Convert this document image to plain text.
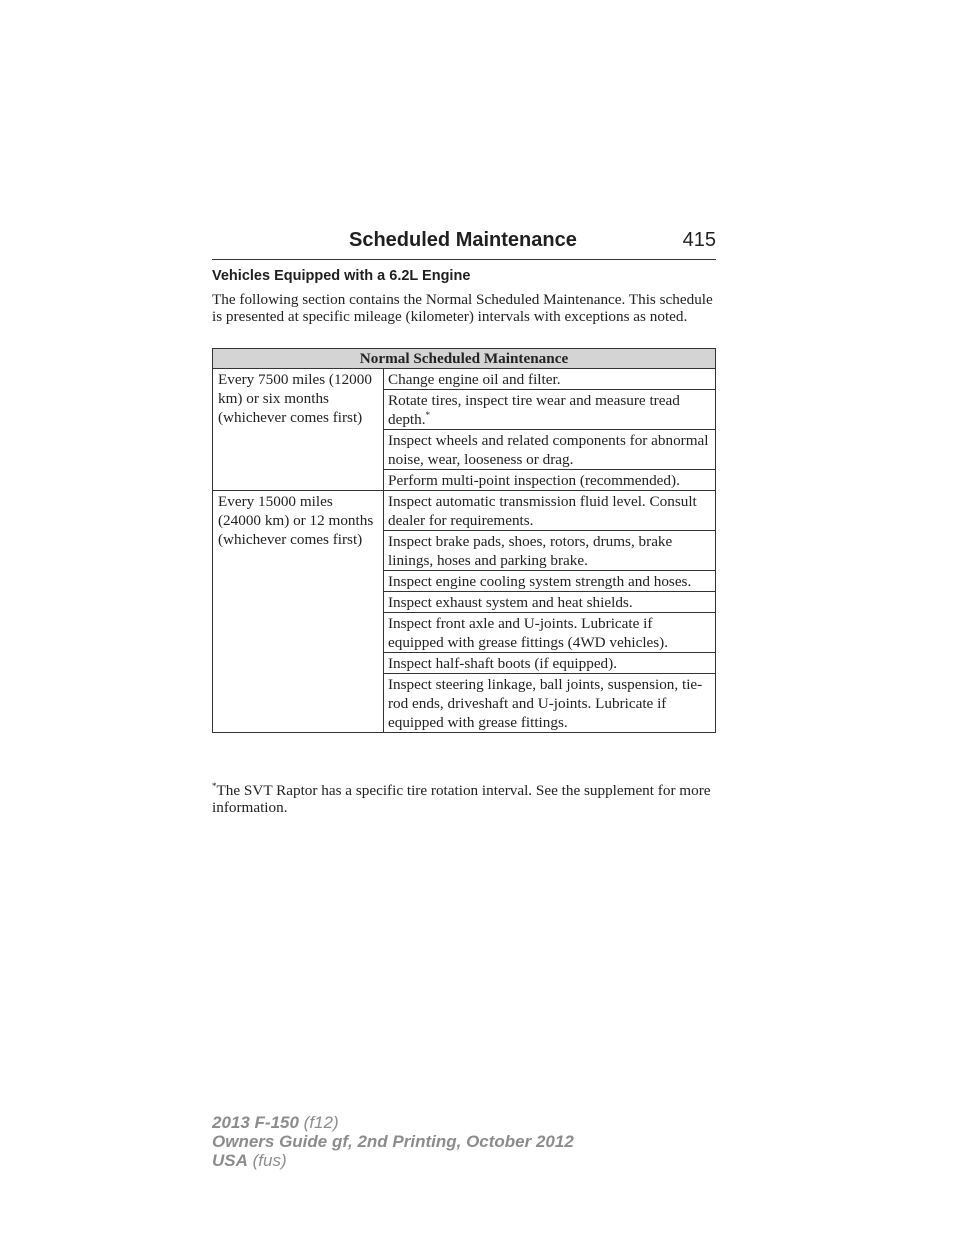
Scheduled Maintenance	415
Vehicles Equipped with a 6.2L Engine
The following section contains the Normal Scheduled Maintenance. This schedule is presented at specific mileage (kilometer) intervals with exceptions as noted.
Normal Scheduled Maintenance	
Every 7500 miles (12000 km) or six months (whichever comes first)	Change engine oil and filter.
	Rotate tires, inspect tire wear and measure tread depth.*
	Inspect wheels and related components for abnormal noise, wear, looseness or drag.
	Perform multi-point inspection (recommended).
Every 15000 miles (24000 km) or 12 months (whichever comes first)	Inspect automatic transmission fluid level. Consult dealer for requirements.
	Inspect brake pads, shoes, rotors, drums, brake linings, hoses and parking brake.
	Inspect engine cooling system strength and hoses.
	Inspect exhaust system and heat shields.
	Inspect front axle and U-joints. Lubricate if equipped with grease fittings (4WD vehicles).
	Inspect half-shaft boots (if equipped).
	Inspect steering linkage, ball joints, suspension, tie-rod ends, driveshaft and U-joints. Lubricate if equipped with grease fittings.
*The SVT Raptor has a specific tire rotation interval. See the supplement for more information.
2013 F-150 (f12)
Owners Guide gf, 2nd Printing, October 2012
USA (fus)
